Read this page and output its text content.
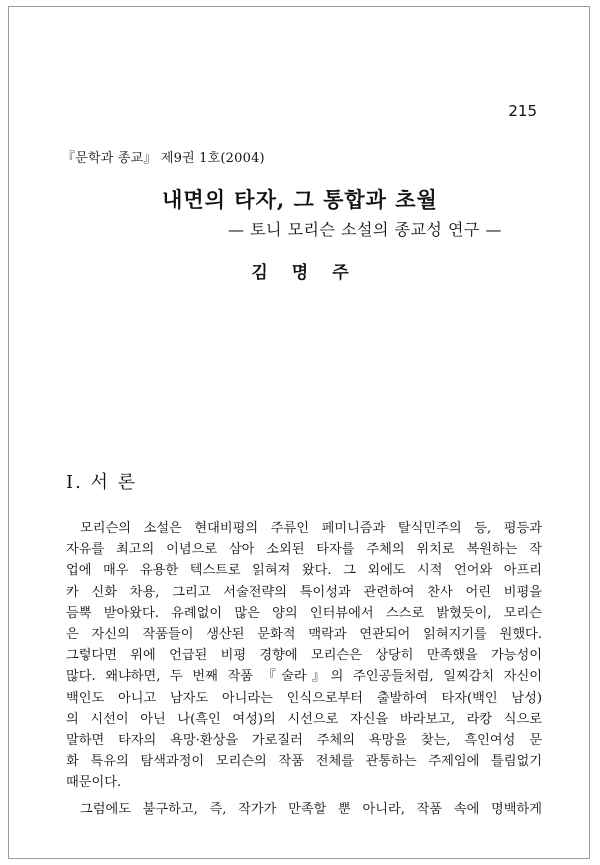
215
『문학과 종교』 제9권 1호(2004)
내면의 타자, 그 통합과 초월
— 토니 모리슨 소설의 종교성 연구 —
김명주
I. 서 론
모리슨의 소설은 현대비평의 주류인 페미니즘과 탈식민주의 등, 평등과
자유를 최고의 이념으로 삼아 소외된 타자를 주체의 위치로 복원하는 작
업에 매우 유용한 텍스트로 읽혀져 왔다. 그 외에도 시적 언어와 아프리
카 신화 차용, 그리고 서술전략의 특이성과 관련하여 찬사 어린 비평을
듬뿍 받아왔다. 유례없이 많은 양의 인터뷰에서 스스로 밝혔듯이, 모리슨
은 자신의 작품들이 생산된 문화적 맥락과 연관되어 읽혀지기를 원했다.
그렇다면 위에 언급된 비평 경향에 모리슨은 상당히 만족했을 가능성이
많다. 왜냐하면, 두 번째 작품 『술라』의 주인공들처럼, 일찌감치 자신이
백인도 아니고 남자도 아니라는 인식으로부터 출발하여 타자(백인 남성)
의 시선이 아닌 나(흑인 여성)의 시선으로 자신을 바라보고, 라캉 식으로
말하면 타자의 욕망·환상을 가로질러 주체의 욕망을 찾는, 흑인여성 문
화 특유의 탐색과정이 모리슨의 작품 전체를 관통하는 주제임에 틀림없기
때문이다.
그럼에도 불구하고, 즉, 작가가 만족할 뿐 아니라, 작품 속에 명백하게
